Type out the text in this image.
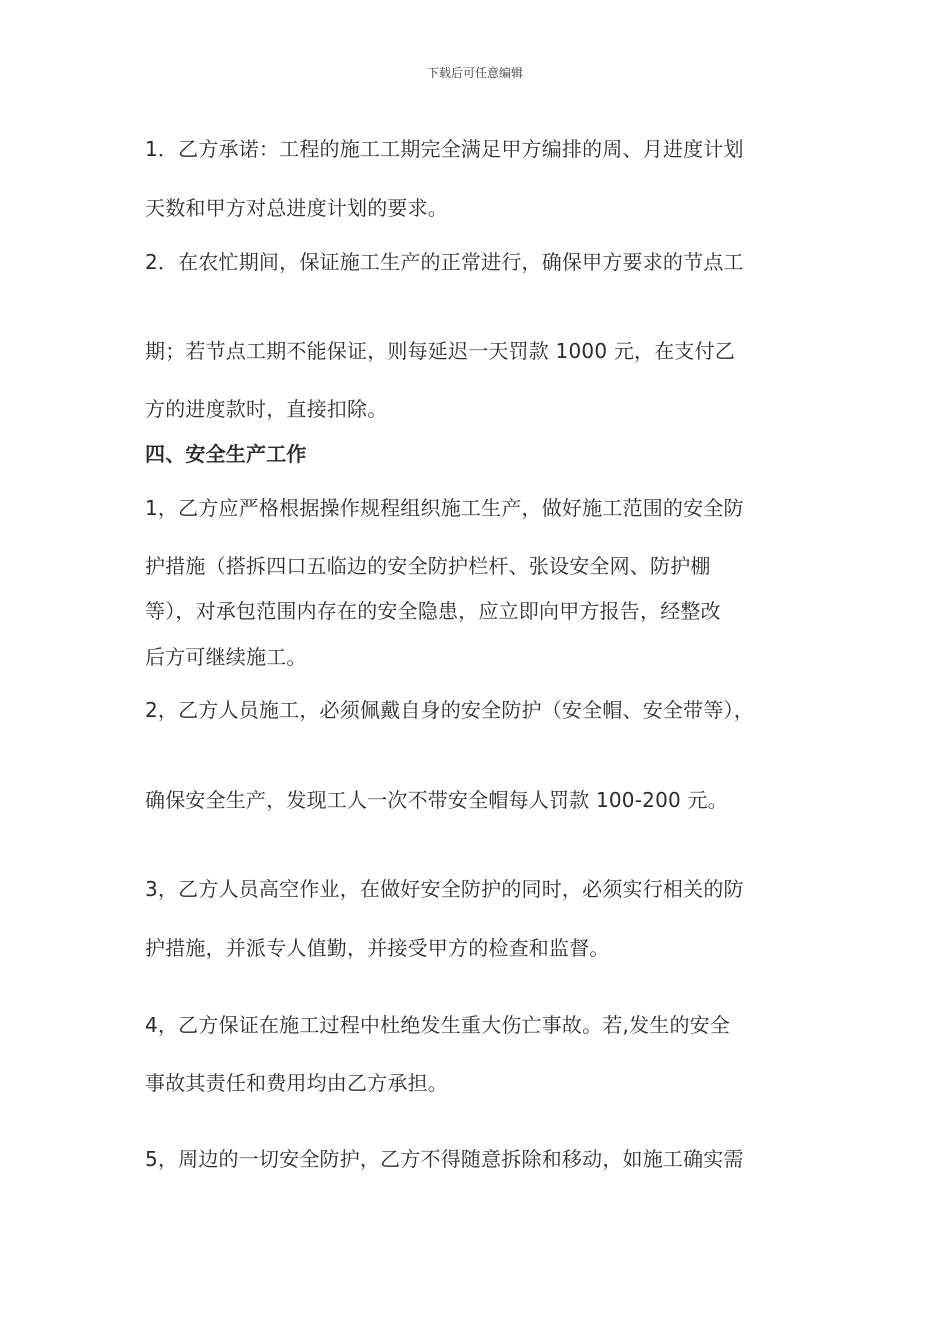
下载后可任意编辑
1．乙方承诺：工程的施工工期完全满足甲方编排的周、月进度计划
天数和甲方对总进度计划的要求。
2．在农忙期间，保证施工生产的正常进行，确保甲方要求的节点工
期；若节点工期不能保证，则每延迟一天罚款 1000 元，在支付乙
方的进度款时，直接扣除。
四、安全生产工作
1，乙方应严格根据操作规程组织施工生产，做好施工范围的安全防
护措施（搭拆四口五临边的安全防护栏杆、张设安全网、防护棚
等），对承包范围内存在的安全隐患，应立即向甲方报告，经整改
后方可继续施工。
2，乙方人员施工，必须佩戴自身的安全防护（安全帽、安全带等），
确保安全生产，发现工人一次不带安全帽每人罚款 100-200 元。
3，乙方人员高空作业，在做好安全防护的同时，必须实行相关的防
护措施，并派专人值勤，并接受甲方的检查和监督。
4，乙方保证在施工过程中杜绝发生重大伤亡事故。若,发生的安全
事故其责任和费用均由乙方承担。
5，周边的一切安全防护，乙方不得随意拆除和移动，如施工确实需
